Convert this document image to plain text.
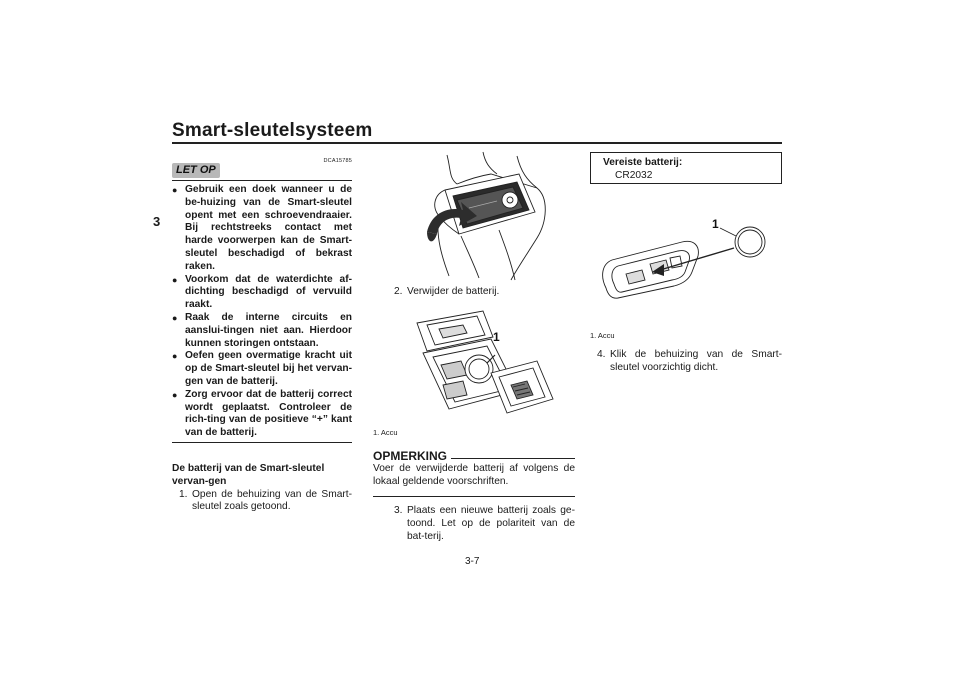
Smart-sleutelsysteem
3
LET OP
DCA15785
● Gebruik een doek wanneer u de be-huizing van de Smart-sleutel opent met een schroevendraaier. Bij rechtstreeks contact met harde voorwerpen kan de Smart-sleutel beschadigd of bekrast raken.
● Voorkom dat de waterdichte af-dichting beschadigd of vervuild raakt.
● Raak de interne circuits en aanslui-tingen niet aan. Hierdoor kunnen storingen ontstaan.
● Oefen geen overmatige kracht uit op de Smart-sleutel bij het vervan-gen van de batterij.
● Zorg ervoor dat de batterij correct wordt geplaatst. Controleer de rich-ting van de positieve “+” kant van de batterij.
De batterij van de Smart-sleutel vervan-gen
1. Open de behuizing van de Smart-sleutel zoals getoond.
2. Verwijder de batterij.
1
1. Accu
OPMERKING
Voer de verwijderde batterij af volgens de lokaal geldende voorschriften.
3. Plaats een nieuwe batterij zoals ge-toond. Let op de polariteit van de bat-terij.
Vereiste batterij:
CR2032
1
1. Accu
4. Klik de behuizing van de Smart-sleutel voorzichtig dicht.
3-7
